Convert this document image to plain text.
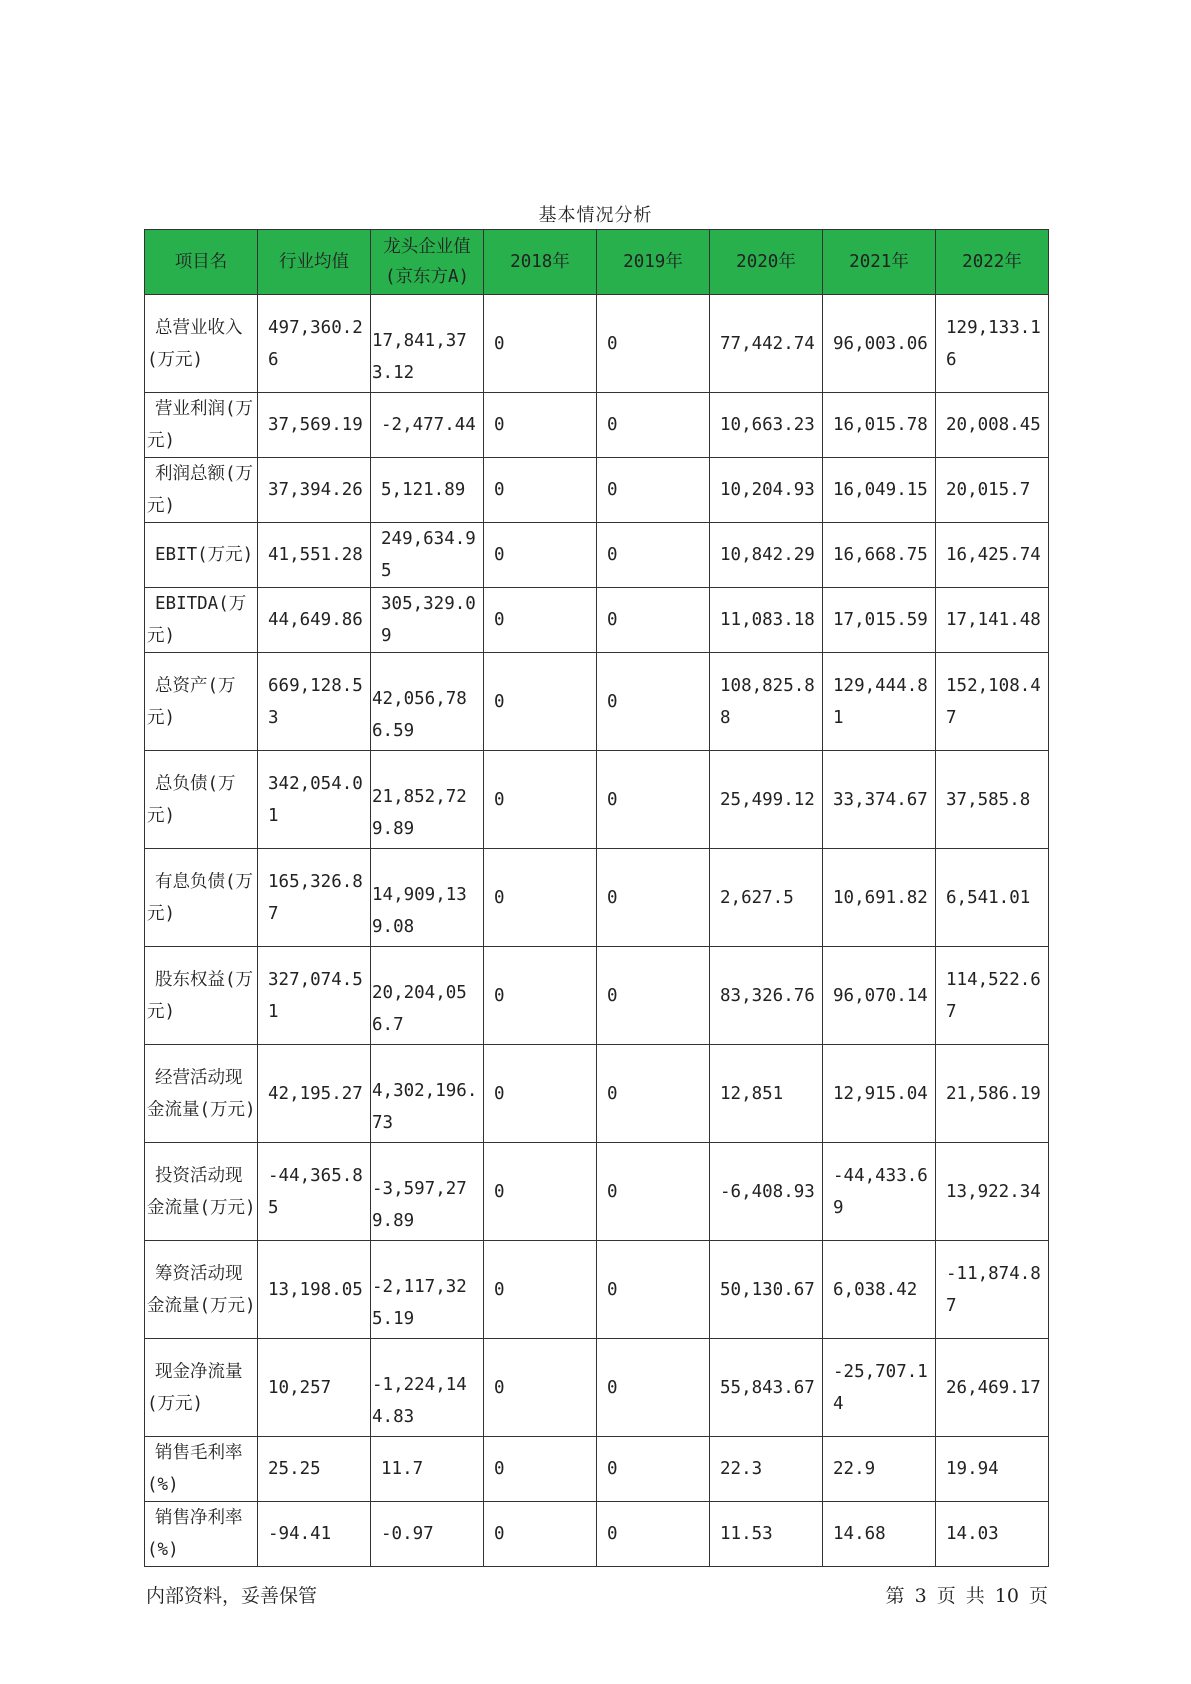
基本情况分析
项目名	行业均值	龙头企业值(京东方A)	2018年	2019年	2020年	2021年	2022年
总营业收入(万元)	497,360.26	17,841,373.12	0	0	77,442.74	96,003.06	129,133.16
营业利润(万元)	37,569.19	-2,477.44	0	0	10,663.23	16,015.78	20,008.45
利润总额(万元)	37,394.26	5,121.89	0	0	10,204.93	16,049.15	20,015.7
EBIT(万元)	41,551.28	249,634.95	0	0	10,842.29	16,668.75	16,425.74
EBITDA(万元)	44,649.86	305,329.09	0	0	11,083.18	17,015.59	17,141.48
总资产(万元)	669,128.53	42,056,786.59	0	0	108,825.88	129,444.81	152,108.47
总负债(万元)	342,054.01	21,852,729.89	0	0	25,499.12	33,374.67	37,585.8
有息负债(万元)	165,326.87	14,909,139.08	0	0	2,627.5	10,691.82	6,541.01
股东权益(万元)	327,074.51	20,204,056.7	0	0	83,326.76	96,070.14	114,522.67
经营活动现金流量(万元)	42,195.27	4,302,196.73	0	0	12,851	12,915.04	21,586.19
投资活动现金流量(万元)	-44,365.85	-3,597,279.89	0	0	-6,408.93	-44,433.69	13,922.34
筹资活动现金流量(万元)	13,198.05	-2,117,325.19	0	0	50,130.67	6,038.42	-11,874.87
现金净流量(万元)	10,257	-1,224,144.83	0	0	55,843.67	-25,707.14	26,469.17
销售毛利率(%)	25.25	11.7	0	0	22.3	22.9	19.94
销售净利率(%)	-94.41	-0.97	0	0	11.53	14.68	14.03
内部资料，妥善保管	第 3 页 共 10 页
